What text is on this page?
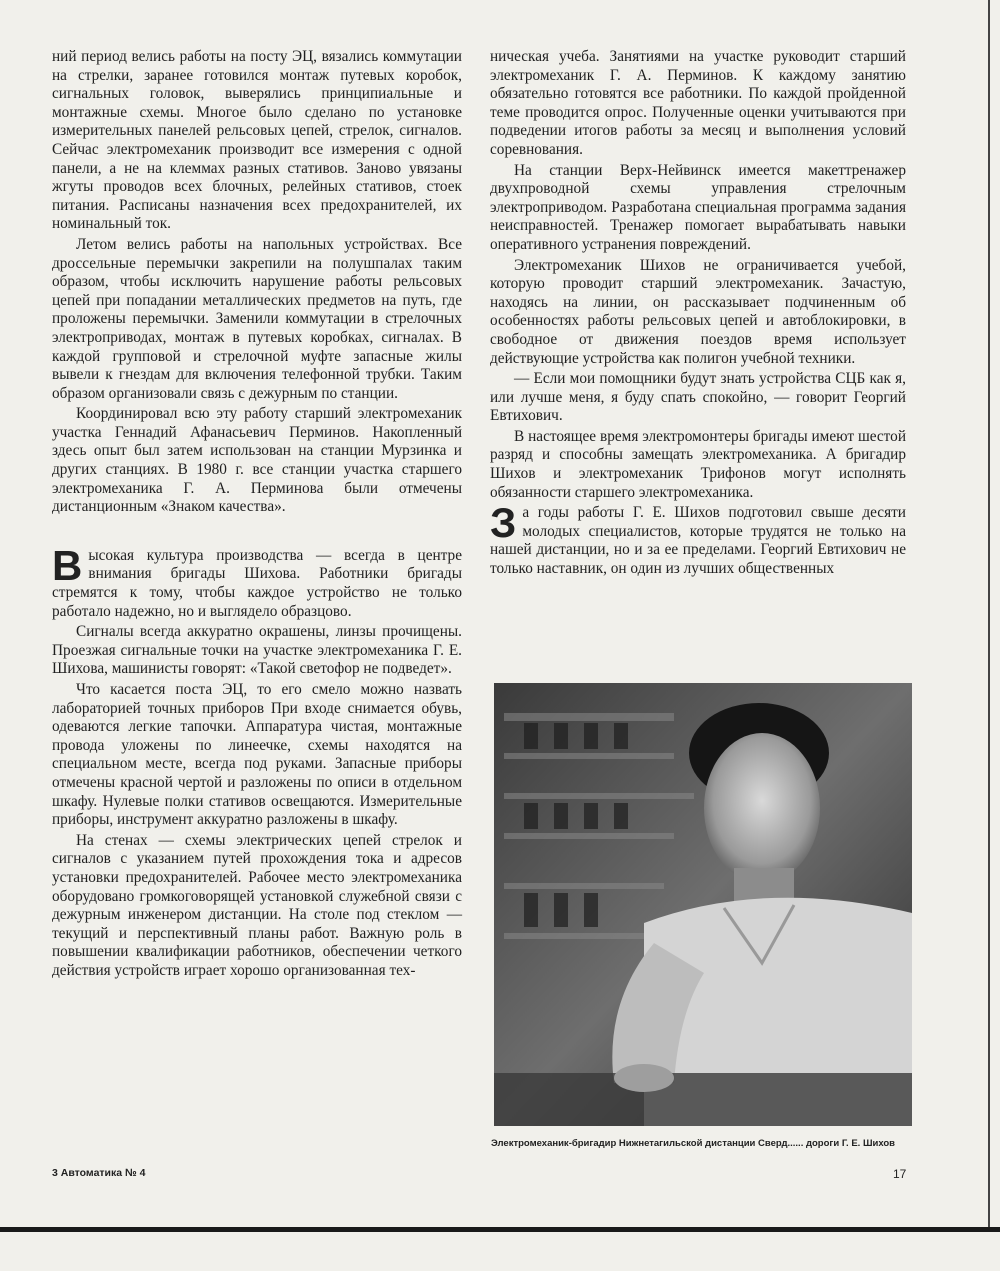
ний период велись работы на посту ЭЦ, вязались коммутации на стрелки, заранее готовился монтаж путевых коробок, сигнальных головок, выверялись принципиальные и монтажные схемы. Многое было сделано по установке измерительных панелей рельсовых цепей, стрелок, сигналов. Сейчас электромеханик производит все измерения с одной панели, а не на клеммах разных стативов. Заново увязаны жгуты проводов всех блочных, релейных стативов, стоек питания. Расписаны назначения всех предохранителей, их номинальный ток.

Летом велись работы на напольных устройствах. Все дроссельные перемычки закрепили на полушпалах таким образом, чтобы исключить нарушение работы рельсовых цепей при попадании металлических предметов на путь, где проложены перемычки. Заменили коммутации в стрелочных электроприводах, монтаж в путевых коробках, сигналах. В каждой групповой и стрелочной муфте запасные жилы вывели к гнездам для включения телефонной трубки. Таким образом организовали связь с дежурным по станции.

Координировал всю эту работу старший электромеханик участка Геннадий Афанасьевич Перминов. Накопленный здесь опыт был затем использован на станции Мурзинка и других станциях. В 1980 г. все станции участка старшего электромеханика Г. А. Перминова были отмечены дистанционным «Знаком качества».

Высокая культура производства — всегда в центре внимания бригады Шихова. Работники бригады стремятся к тому, чтобы каждое устройство не только работало надежно, но и выглядело образцово.

Сигналы всегда аккуратно окрашены, линзы прочищены. Проезжая сигнальные точки на участке электромеханика Г. Е. Шихова, машинисты говорят: «Такой светофор не подведет».

Что касается поста ЭЦ, то его смело можно назвать лабораторией точных приборов При входе снимается обувь, одеваются легкие тапочки. Аппаратура чистая, монтажные провода уложены по линеечке, схемы находятся на специальном месте, всегда под руками. Запасные приборы отмечены красной чертой и разложены по описи в отдельном шкафу. Нулевые полки стативов освещаются. Измерительные приборы, инструмент аккуратно разложены в шкафу.

На стенах — схемы электрических цепей стрелок и сигналов с указанием путей прохождения тока и адресов установки предохранителей. Рабочее место электромеханика оборудовано громкоговорящей установкой служебной связи с дежурным инженером дистанции. На столе под стеклом — текущий и перспективный планы работ. Важную роль в повышении квалификации работников, обеспечении четкого действия устройств играет хорошо организованная тех-

ническая учеба. Занятиями на участке руководит старший электромеханик Г. А. Перминов. К каждому занятию обязательно готовятся все работники. По каждой пройденной теме проводится опрос. Полученные оценки учитываются при подведении итогов работы за месяц и выполнения условий соревнования.

На станции Верх-Нейвинск имеется макеттренажер двухпроводной схемы управления стрелочным электроприводом. Разработана специальная программа задания неисправностей. Тренажер помогает вырабатывать навыки оперативного устранения повреждений.

Электромеханик Шихов не ограничивается учебой, которую проводит старший электромеханик. Зачастую, находясь на линии, он рассказывает подчиненным об особенностях работы рельсовых цепей и автоблокировки, в свободное от движения поездов время использует действующие устройства как полигон учебной техники.

— Если мои помощники будут знать устройства СЦБ как я, или лучше меня, я буду спать спокойно, — говорит Георгий Евтихович.

В настоящее время электромонтеры бригады имеют шестой разряд и способны замещать электромеханика. А бригадир Шихов и электромеханик Трифонов могут исполнять обязанности старшего электромеханика.

За годы работы Г. Е. Шихов подготовил свыше десяти молодых специалистов, которые трудятся не только на нашей дистанции, но и за ее пределами. Георгий Евтихович не только наставник, он один из лучших общественных

Электромеханик-бригадир Нижнетагильской дистанции Сверд...... дороги Г. Е. Шихов
3 Автоматика № 4	17
